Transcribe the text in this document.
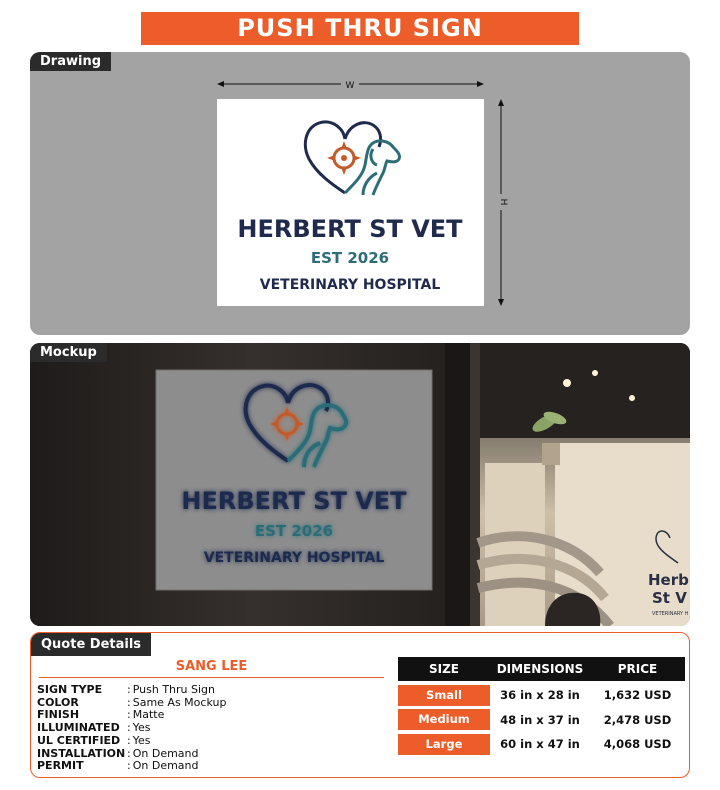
PUSH THRU SIGN
Drawing
W
HERBERT ST VET
EST 2026
VETERINARY HOSPITAL
H
Mockup
Herb
St V
VETERINARY H
HERBERT ST VET
EST 2026
VETERINARY HOSPITAL
Quote Details
SANG LEE
SIGN TYPE	: Push Thru Sign
COLOR	: Same As Mockup
FINISH	: Matte
ILLUMINATED : Yes
UL CERTIFIED : Yes
INSTALLATION : On Demand
PERMIT	: On Demand
SIZE	DIMENSIONS	PRICE
Small	36 in x 28 in	1,632 USD
Medium	48 in x 37 in	2,478 USD
Large	60 in x 47 in	4,068 USD
